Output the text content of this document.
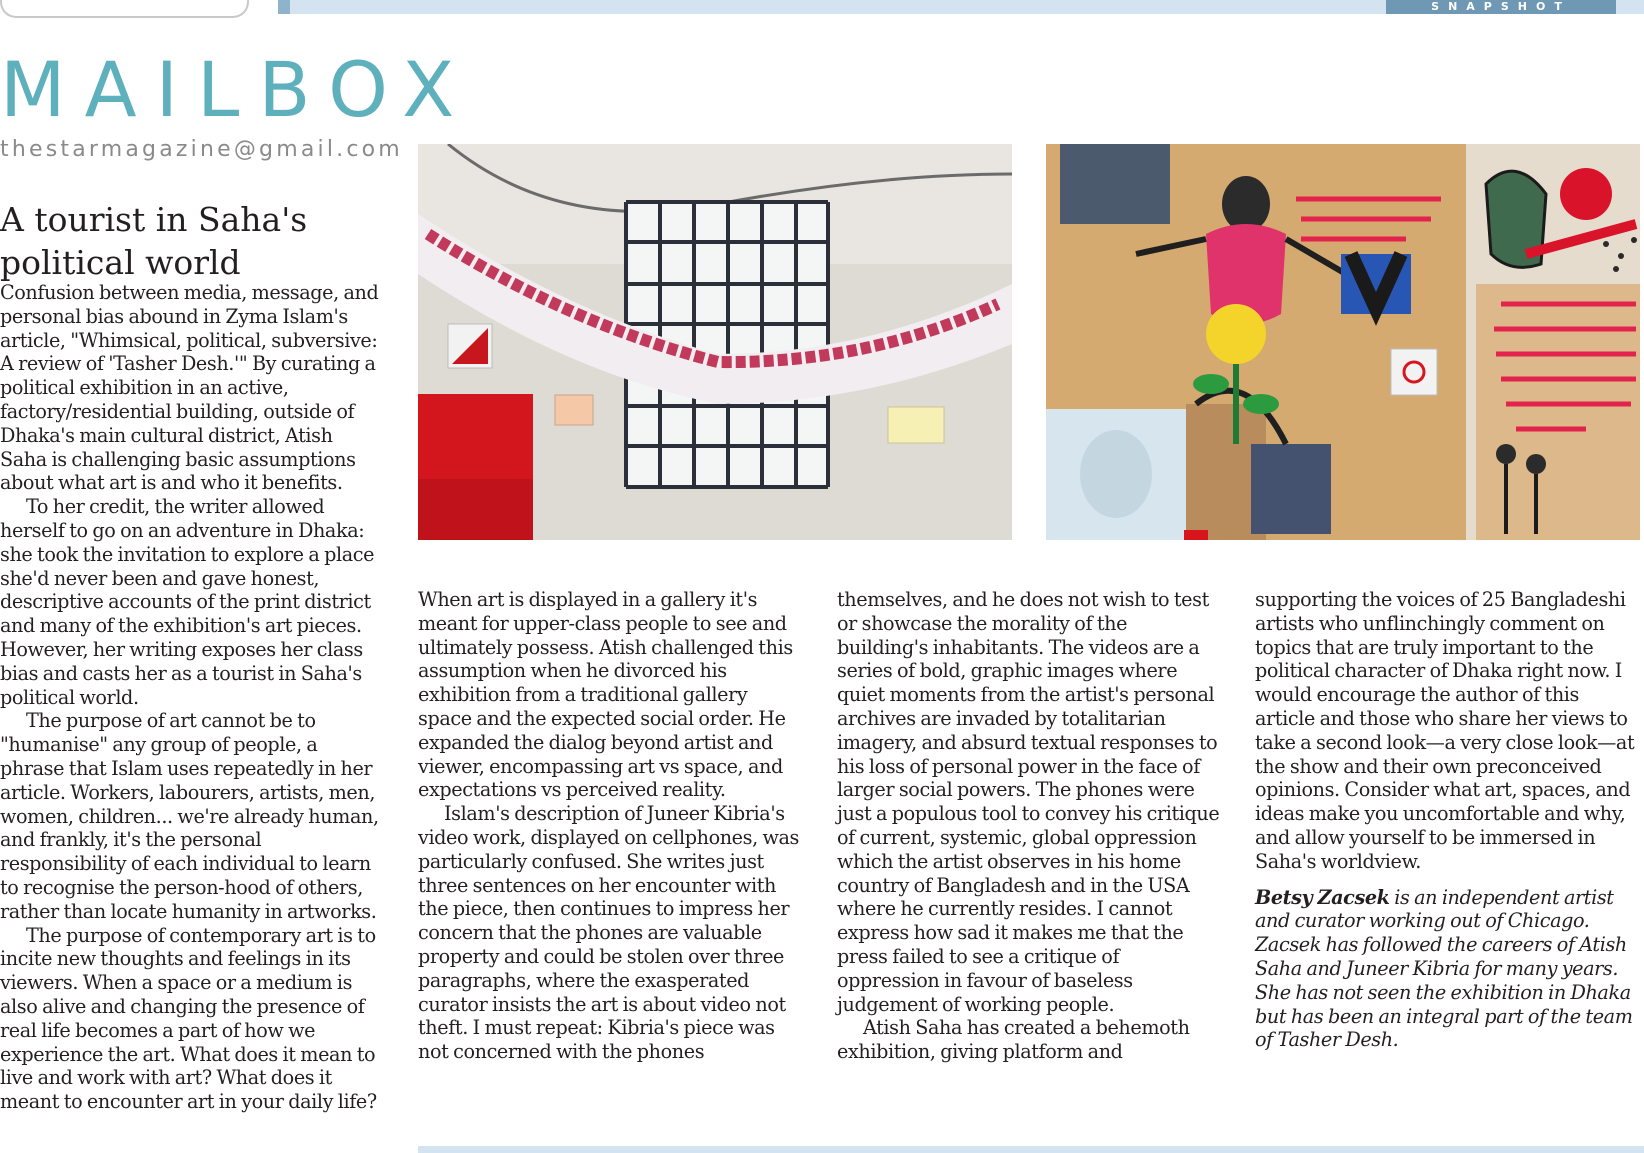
SNAPSHOT
MAILBOX
thestarmagazine@gmail.com
A tourist in Saha's political world

Confusion between media, message, and personal bias abound in Zyma Islam's article, "Whimsical, political, subversive: A review of 'Tasher Desh.'" By curating a political exhibition in an active, factory/residential building, outside of Dhaka's main cultural district, Atish Saha is challenging basic assumptions about what art is and who it benefits.

To her credit, the writer allowed herself to go on an adventure in Dhaka: she took the invitation to explore a place she'd never been and gave honest, descriptive accounts of the print district and many of the exhibition's art pieces. However, her writing exposes her class bias and casts her as a tourist in Saha's political world.

The purpose of art cannot be to "humanise" any group of people, a phrase that Islam uses repeatedly in her article. Workers, labourers, artists, men, women, children... we're already human, and frankly, it's the personal responsibility of each individual to learn to recognise the person-hood of others, rather than locate humanity in artworks.

The purpose of contemporary art is to incite new thoughts and feelings in its viewers. When a space or a medium is also alive and changing the presence of real life becomes a part of how we experience the art. What does it mean to live and work with art? What does it meant to encounter art in your daily life?

When art is displayed in a gallery it's meant for upper-class people to see and ultimately possess. Atish challenged this assumption when he divorced his exhibition from a traditional gallery space and the expected social order. He expanded the dialog beyond artist and viewer, encompassing art vs space, and expectations vs perceived reality.

Islam's description of Juneer Kibria's video work, displayed on cellphones, was particularly confused. She writes just three sentences on her encounter with the piece, then continues to impress her concern that the phones are valuable property and could be stolen over three paragraphs, where the exasperated curator insists the art is about video not theft. I must repeat: Kibria's piece was not concerned with the phones

themselves, and he does not wish to test or showcase the morality of the building's inhabitants. The videos are a series of bold, graphic images where quiet moments from the artist's personal archives are invaded by totalitarian imagery, and absurd textual responses to his loss of personal power in the face of larger social powers. The phones were just a populous tool to convey his critique of current, systemic, global oppression which the artist observes in his home country of Bangladesh and in the USA where he currently resides. I cannot express how sad it makes me that the press failed to see a critique of oppression in favour of baseless judgement of working people.

Atish Saha has created a behemoth exhibition, giving platform and

supporting the voices of 25 Bangladeshi artists who unflinchingly comment on topics that are truly important to the political character of Dhaka right now. I would encourage the author of this article and those who share her views to take a second look—a very close look—at the show and their own preconceived opinions. Consider what art, spaces, and ideas make you uncomfortable and why, and allow yourself to be immersed in Saha's worldview.

Betsy Zacsek is an independent artist and curator working out of Chicago. Zacsek has followed the careers of Atish Saha and Juneer Kibria for many years. She has not seen the exhibition in Dhaka but has been an integral part of the team of Tasher Desh.
